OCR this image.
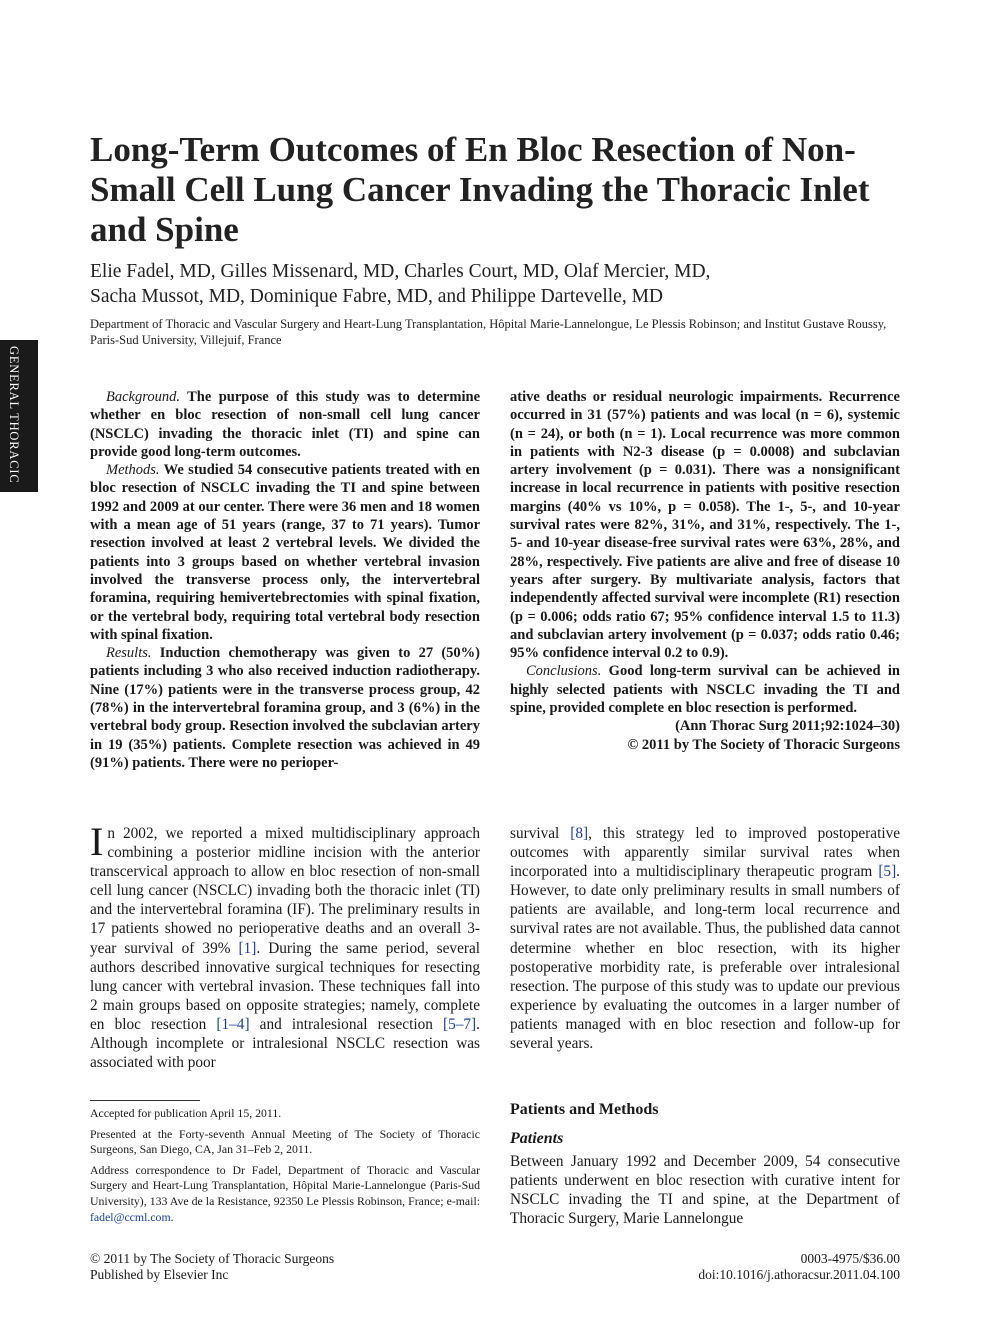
GENERAL THORACIC
Long-Term Outcomes of En Bloc Resection of Non-Small Cell Lung Cancer Invading the Thoracic Inlet and Spine
Elie Fadel, MD, Gilles Missenard, MD, Charles Court, MD, Olaf Mercier, MD,
Sacha Mussot, MD, Dominique Fabre, MD, and Philippe Dartevelle, MD
Department of Thoracic and Vascular Surgery and Heart-Lung Transplantation, Hôpital Marie-Lannelongue, Le Plessis Robinson; and Institut Gustave Roussy, Paris-Sud University, Villejuif, France

Background. The purpose of this study was to determine whether en bloc resection of non-small cell lung cancer (NSCLC) invading the thoracic inlet (TI) and spine can provide good long-term outcomes.

Methods. We studied 54 consecutive patients treated with en bloc resection of NSCLC invading the TI and spine between 1992 and 2009 at our center. There were 36 men and 18 women with a mean age of 51 years (range, 37 to 71 years). Tumor resection involved at least 2 vertebral levels. We divided the patients into 3 groups based on whether vertebral invasion involved the transverse process only, the intervertebral foramina, requiring hemivertebrectomies with spinal fixation, or the vertebral body, requiring total vertebral body resection with spinal fixation.

Results. Induction chemotherapy was given to 27 (50%) patients including 3 who also received induction radiotherapy. Nine (17%) patients were in the transverse process group, 42 (78%) in the intervertebral foramina group, and 3 (6%) in the vertebral body group. Resection involved the subclavian artery in 19 (35%) patients. Complete resection was achieved in 49 (91%) patients. There were no perioper-

ative deaths or residual neurologic impairments. Recurrence occurred in 31 (57%) patients and was local (n = 6), systemic (n = 24), or both (n = 1). Local recurrence was more common in patients with N2-3 disease (p = 0.0008) and subclavian artery involvement (p = 0.031). There was a nonsignificant increase in local recurrence in patients with positive resection margins (40% vs 10%, p = 0.058). The 1-, 5-, and 10-year survival rates were 82%, 31%, and 31%, respectively. The 1-, 5- and 10-year disease-free survival rates were 63%, 28%, and 28%, respectively. Five patients are alive and free of disease 10 years after surgery. By multivariate analysis, factors that independently affected survival were incomplete (R1) resection (p = 0.006; odds ratio 67; 95% confidence interval 1.5 to 11.3) and subclavian artery involvement (p = 0.037; odds ratio 0.46; 95% confidence interval 0.2 to 0.9).

Conclusions. Good long-term survival can be achieved in highly selected patients with NSCLC invading the TI and spine, provided complete en bloc resection is performed.

(Ann Thorac Surg 2011;92:1024–30)

© 2011 by The Society of Thoracic Surgeons

In 2002, we reported a mixed multidisciplinary approach combining a posterior midline incision with the anterior transcervical approach to allow en bloc resection of non-small cell lung cancer (NSCLC) invading both the thoracic inlet (TI) and the intervertebral foramina (IF). The preliminary results in 17 patients showed no perioperative deaths and an overall 3-year survival of 39% [1]. During the same period, several authors described innovative surgical techniques for resecting lung cancer with vertebral invasion. These techniques fall into 2 main groups based on opposite strategies; namely, complete en bloc resection [1–4] and intralesional resection [5–7]. Although incomplete or intralesional NSCLC resection was associated with poor

survival [8], this strategy led to improved postoperative outcomes with apparently similar survival rates when incorporated into a multidisciplinary therapeutic program [5]. However, to date only preliminary results in small numbers of patients are available, and long-term local recurrence and survival rates are not available. Thus, the published data cannot determine whether en bloc resection, with its higher postoperative morbidity rate, is preferable over intralesional resection. The purpose of this study was to update our previous experience by evaluating the outcomes in a larger number of patients managed with en bloc resection and follow-up for several years.

Patients and Methods
Patients
Between January 1992 and December 2009, 54 consecutive patients underwent en bloc resection with curative intent for NSCLC invading the TI and spine, at the Department of Thoracic Surgery, Marie Lannelongue

Accepted for publication April 15, 2011.

Presented at the Forty-seventh Annual Meeting of The Society of Thoracic Surgeons, San Diego, CA, Jan 31–Feb 2, 2011.

Address correspondence to Dr Fadel, Department of Thoracic and Vascular Surgery and Heart-Lung Transplantation, Hôpital Marie-Lannelongue (Paris-Sud University), 133 Ave de la Resistance, 92350 Le Plessis Robinson, France; e-mail: fadel@ccml.com.

© 2011 by The Society of Thoracic Surgeons
Published by Elsevier Inc
0003-4975/$36.00
doi:10.1016/j.athoracsur.2011.04.100
